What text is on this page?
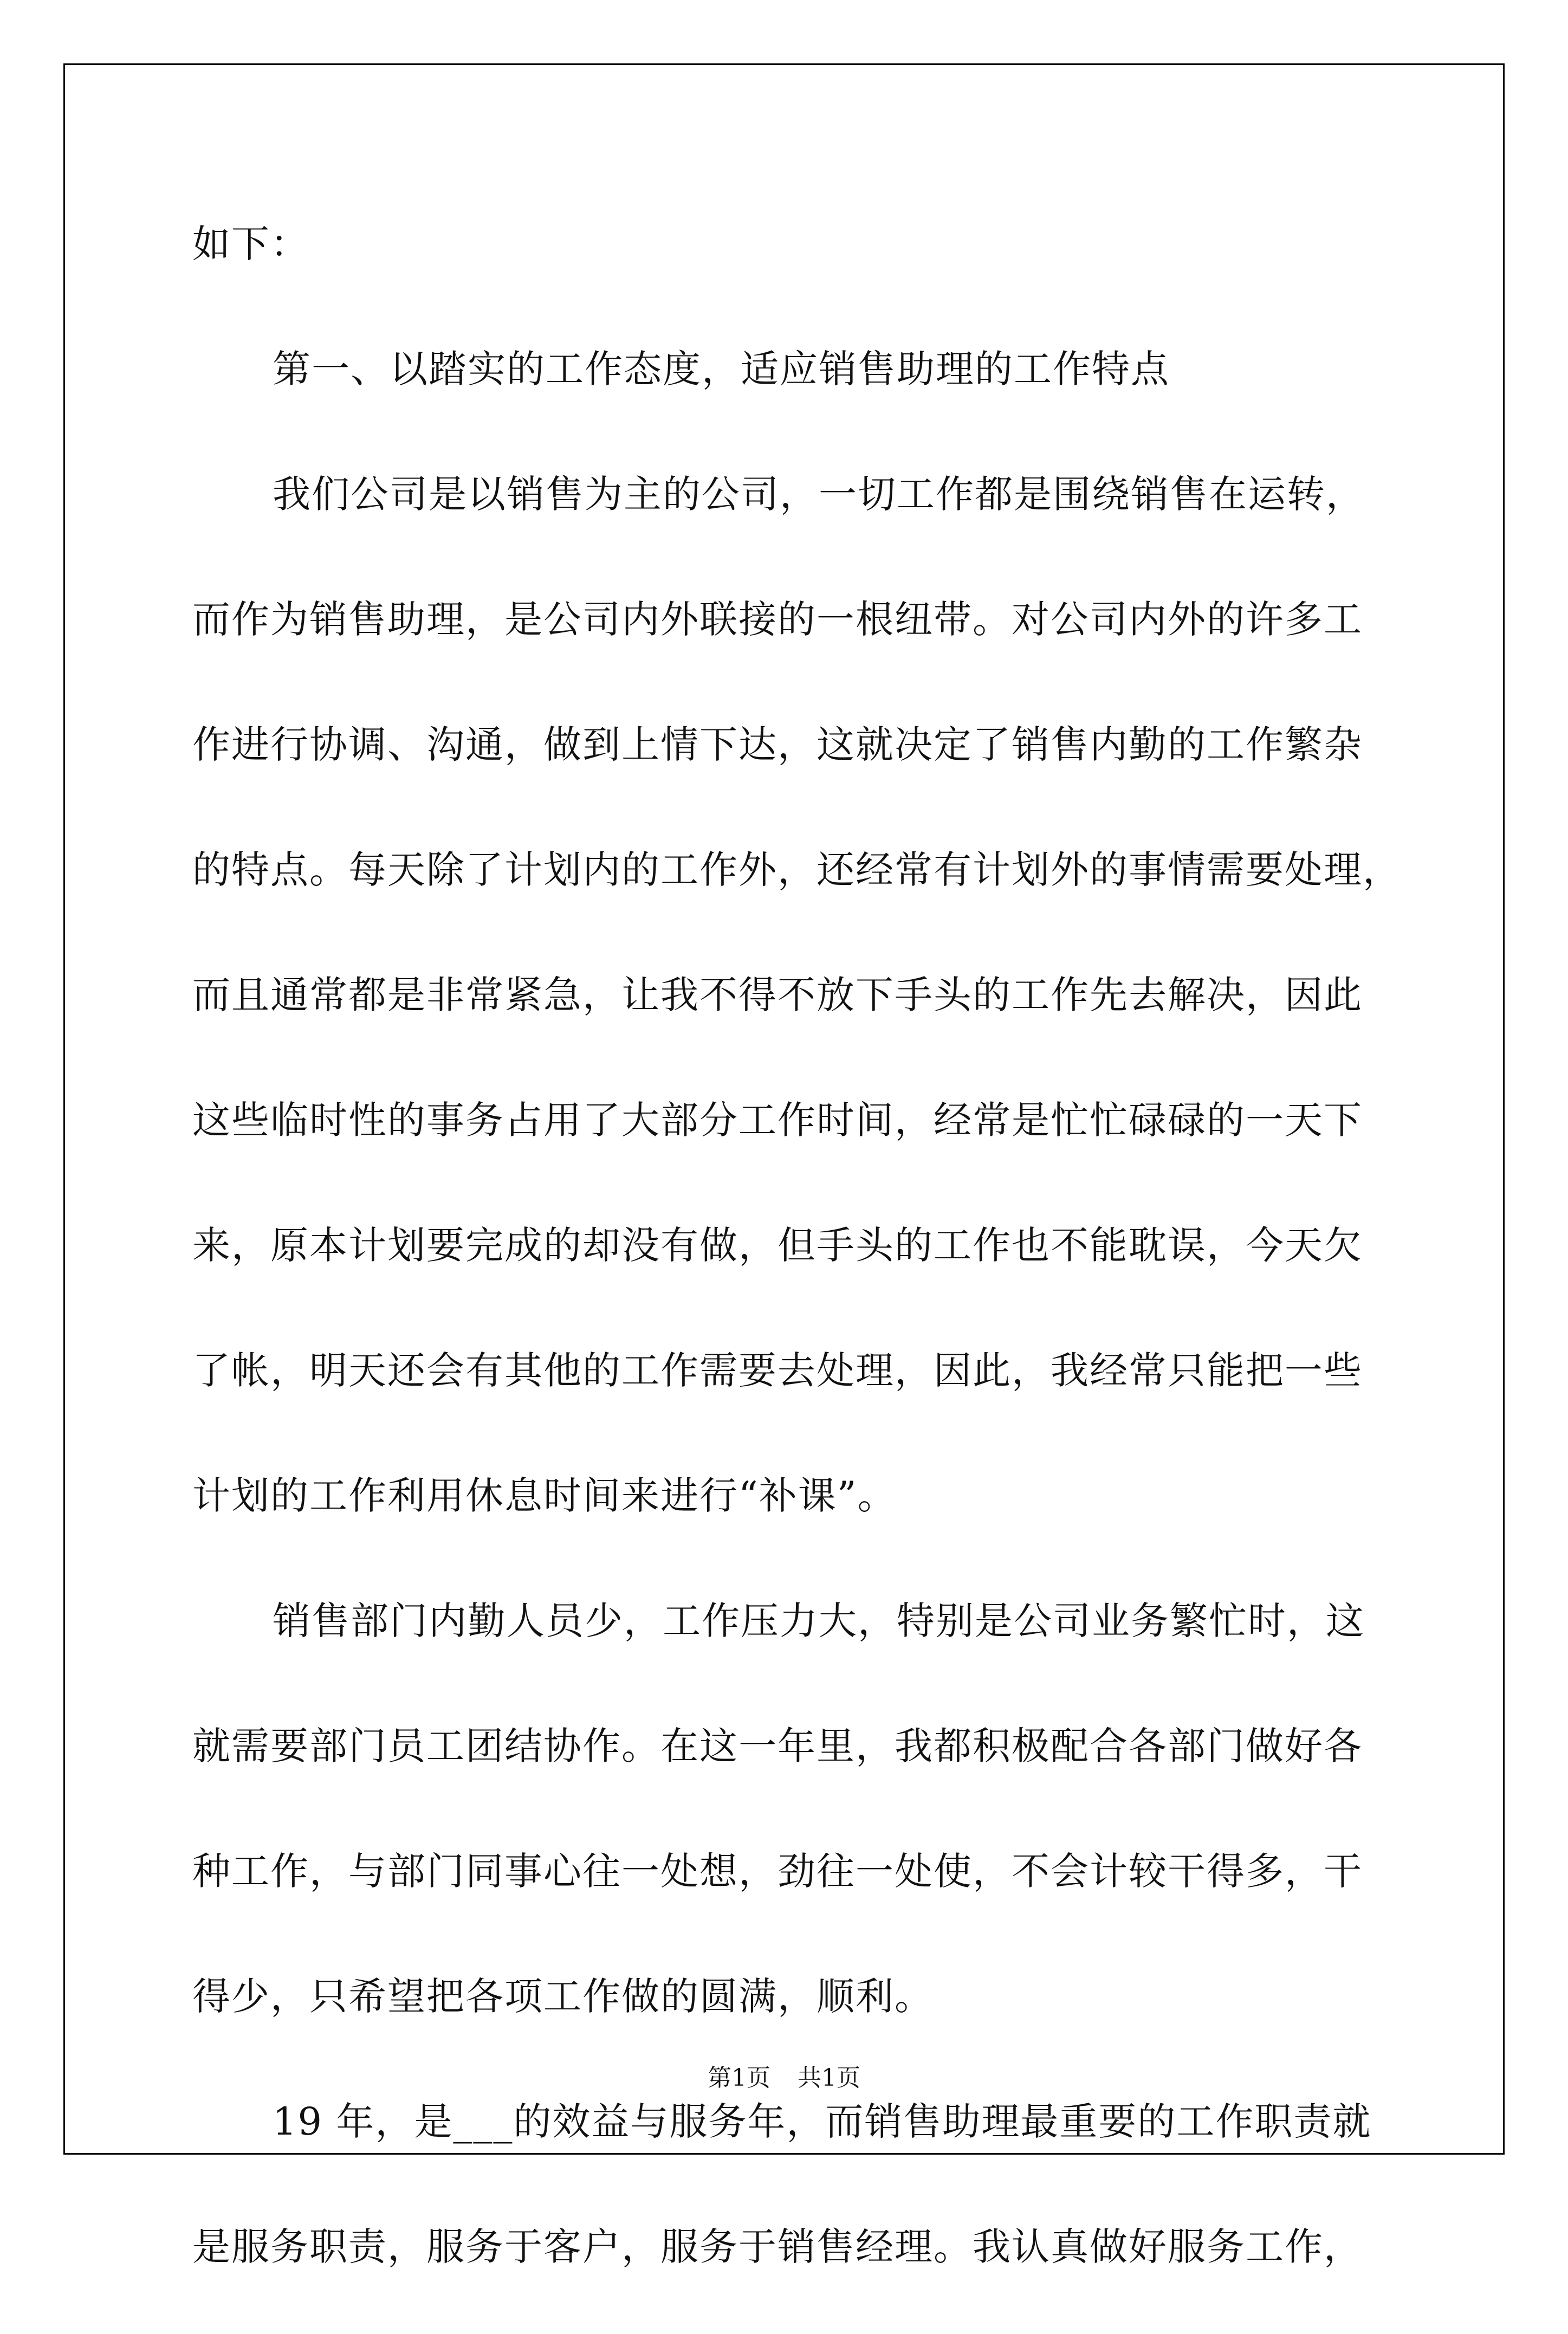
如下：
第一、以踏实的工作态度，适应销售助理的工作特点
我们公司是以销售为主的公司，一切工作都是围绕销售在运转，
而作为销售助理，是公司内外联接的一根纽带。对公司内外的许多工
作进行协调、沟通，做到上情下达，这就决定了销售内勤的工作繁杂
的特点。每天除了计划内的工作外，还经常有计划外的事情需要处理，
而且通常都是非常紧急，让我不得不放下手头的工作先去解决，因此
这些临时性的事务占用了大部分工作时间，经常是忙忙碌碌的一天下
来，原本计划要完成的却没有做，但手头的工作也不能耽误，今天欠
了帐，明天还会有其他的工作需要去处理，因此，我经常只能把一些
计划的工作利用休息时间来进行“补课”。
销售部门内勤人员少，工作压力大，特别是公司业务繁忙时，这
就需要部门员工团结协作。在这一年里，我都积极配合各部门做好各
种工作，与部门同事心往一处想，劲往一处使，不会计较干得多，干
得少，只希望把各项工作做的圆满，顺利。
19 年，是___的效益与服务年，而销售助理最重要的工作职责就
是服务职责，服务于客户，服务于销售经理。我认真做好服务工作，
第1页 共1页
